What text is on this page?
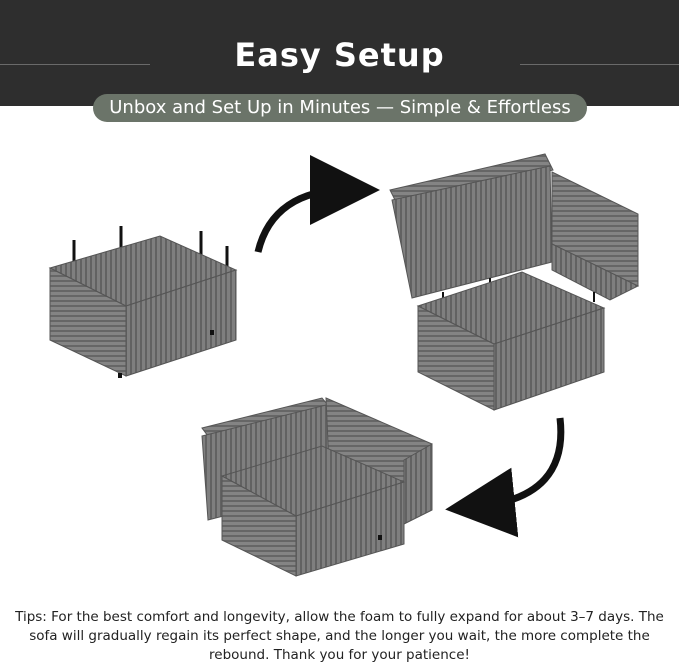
Easy Setup
Unbox and Set Up in Minutes — Simple & Effortless
Tips: For the best comfort and longevity, allow the foam to fully expand for about 3–7 days. The sofa will gradually regain its perfect shape, and the longer you wait, the more complete the rebound. Thank you for your patience!
